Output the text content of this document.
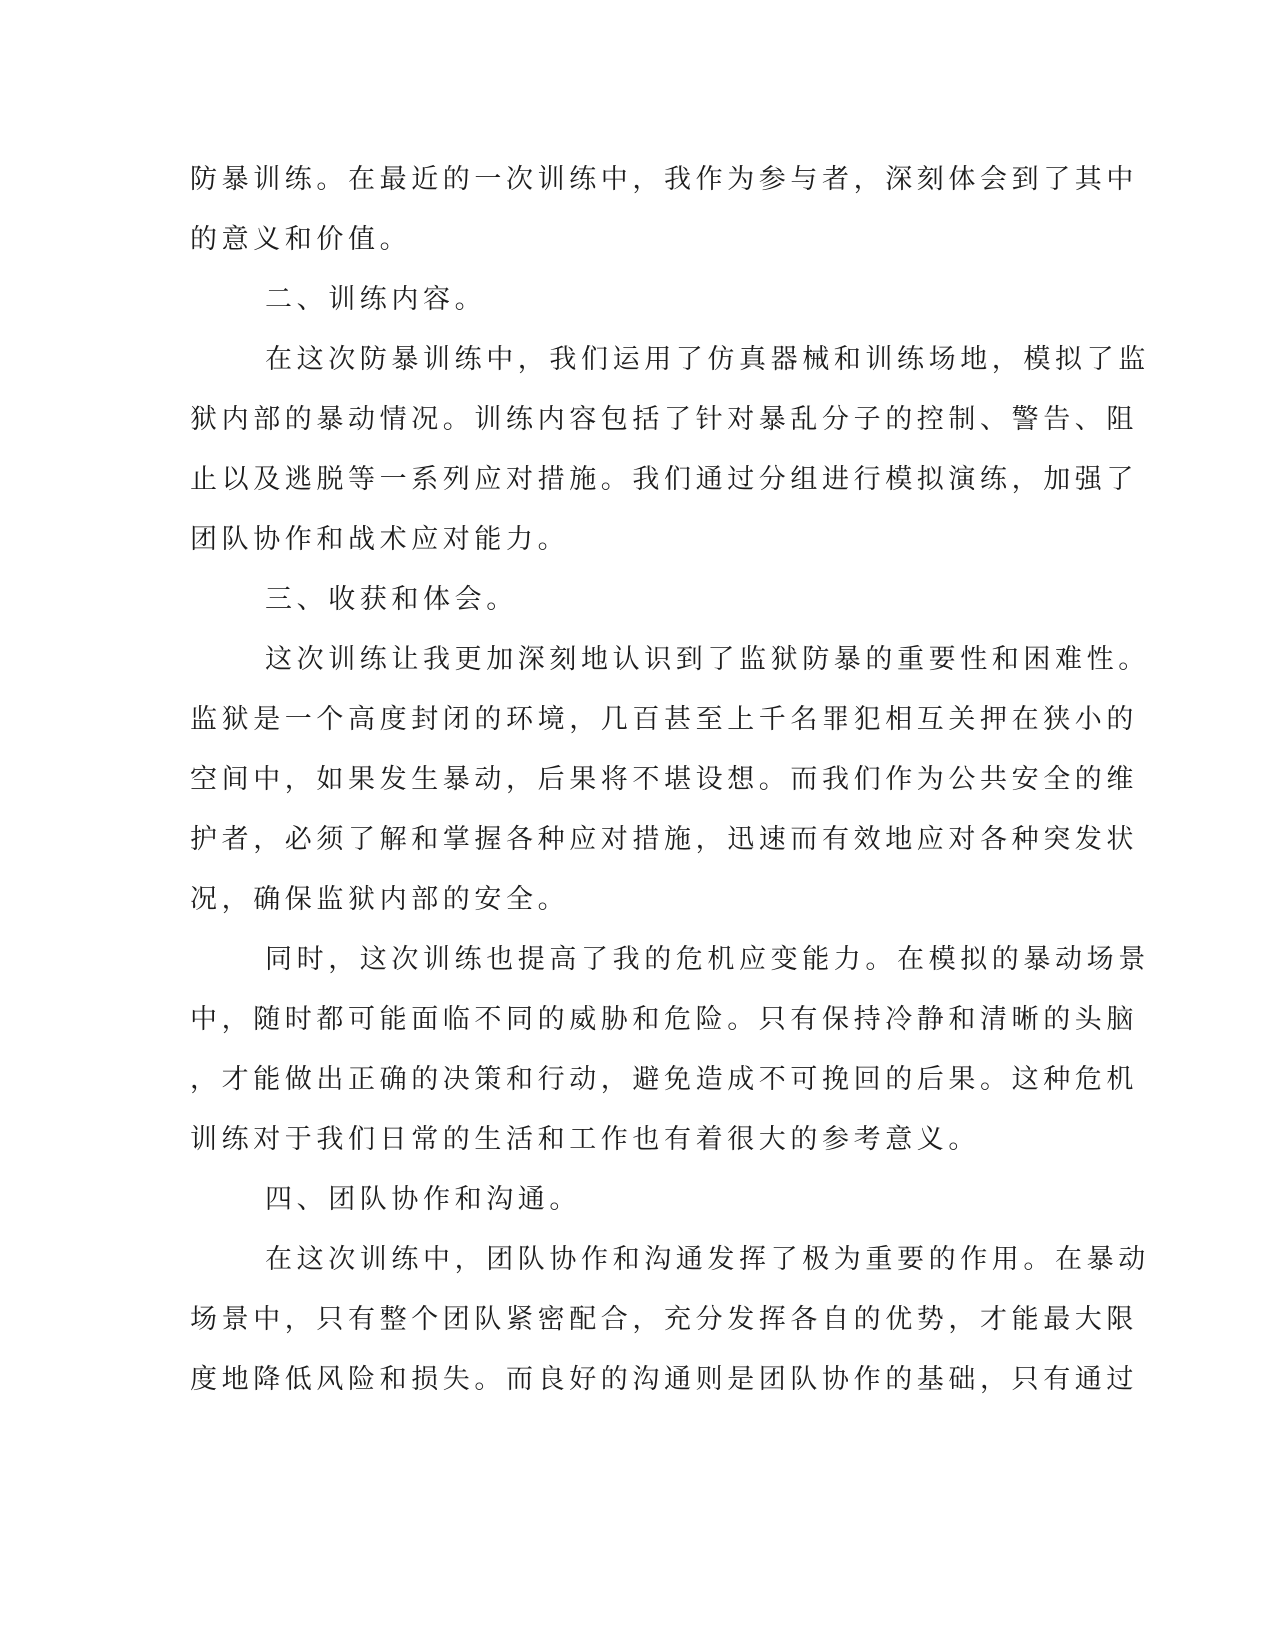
防暴训练。在最近的一次训练中，我作为参与者，深刻体会到了其中
的意义和价值。
二、训练内容。
在这次防暴训练中，我们运用了仿真器械和训练场地，模拟了监
狱内部的暴动情况。训练内容包括了针对暴乱分子的控制、警告、阻
止以及逃脱等一系列应对措施。我们通过分组进行模拟演练，加强了
团队协作和战术应对能力。
三、收获和体会。
这次训练让我更加深刻地认识到了监狱防暴的重要性和困难性。
监狱是一个高度封闭的环境，几百甚至上千名罪犯相互关押在狭小的
空间中，如果发生暴动，后果将不堪设想。而我们作为公共安全的维
护者，必须了解和掌握各种应对措施，迅速而有效地应对各种突发状
况，确保监狱内部的安全。
同时，这次训练也提高了我的危机应变能力。在模拟的暴动场景
中，随时都可能面临不同的威胁和危险。只有保持冷静和清晰的头脑
，才能做出正确的决策和行动，避免造成不可挽回的后果。这种危机
训练对于我们日常的生活和工作也有着很大的参考意义。
四、团队协作和沟通。
在这次训练中，团队协作和沟通发挥了极为重要的作用。在暴动
场景中，只有整个团队紧密配合，充分发挥各自的优势，才能最大限
度地降低风险和损失。而良好的沟通则是团队协作的基础，只有通过
